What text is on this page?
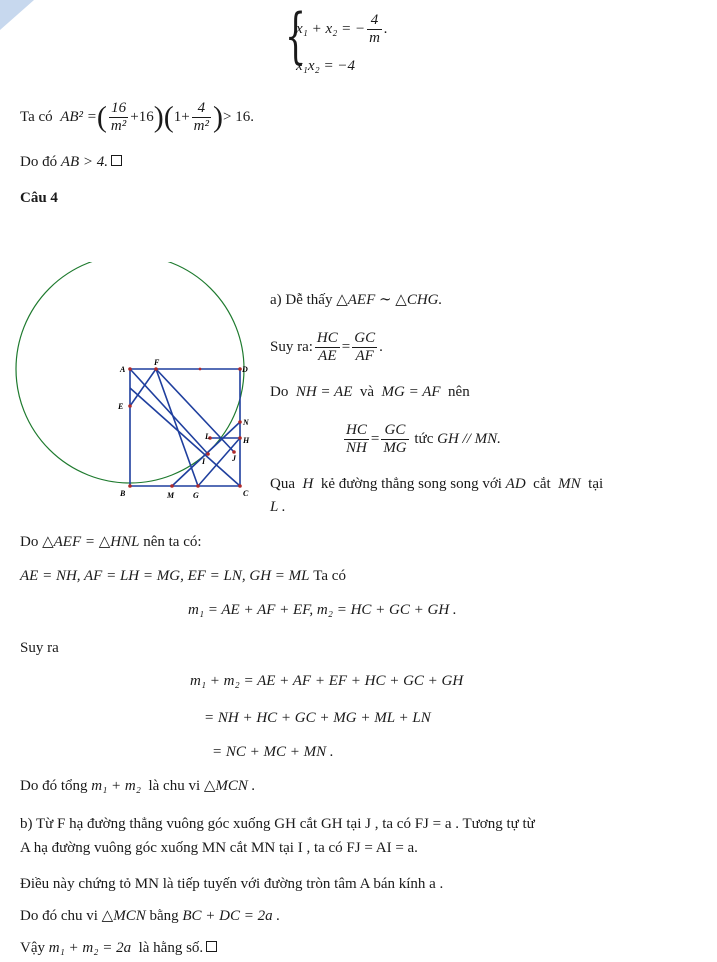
{
x₁ + x₂ = − $\frac{4}{m}$ .
x₁x₂ = −4
Ta có AB² =( $\frac{16}{\text{m²}} +16)(1+ \frac{4}{\text{m²}}$ )> 16.
Do đó AB > 4.
Câu 4
A
F
D
E
N
L	H
I	J
B	M G	C
a) Dễ thấy △AEF ∼ △CHG.
Suy ra: $\frac{HC}{AE} = \frac{GC}{AF}$ .
Do NH = AE và MG = AF nên
$\frac{HC}{NH} = \frac{GC}{MG}$ tức GH // MN.
Qua H kẻ đường thẳng song song với AD cắt MN tại
L .
Do △AEF = △HNL nên ta có:
AE = NH, AF = LH = MG, EF = LN, GH = ML Ta có
m₁ = AE + AF + EF, m₂ = HC + GC + GH .
Suy ra
m₁ + m₂ = AE + AF + EF + HC + GC + GH
= NH + HC + GC + MG + ML + LN
= NC + MC + MN .
Do đó tổng m₁ + m₂ là chu vi △MCN .
b) Từ F hạ đường thẳng vuông góc xuống GH cắt GH tại J , ta có FJ = a . Tương tự từ
A hạ đường vuông góc xuống MN cắt MN tại I , ta có FJ = AI = a.
Điều này chứng tỏ MN là tiếp tuyến với đường tròn tâm A bán kính a .
Do đó chu vi △MCN bằng BC + DC = 2a .
Vậy m₁ + m₂ = 2a là hằng số.
